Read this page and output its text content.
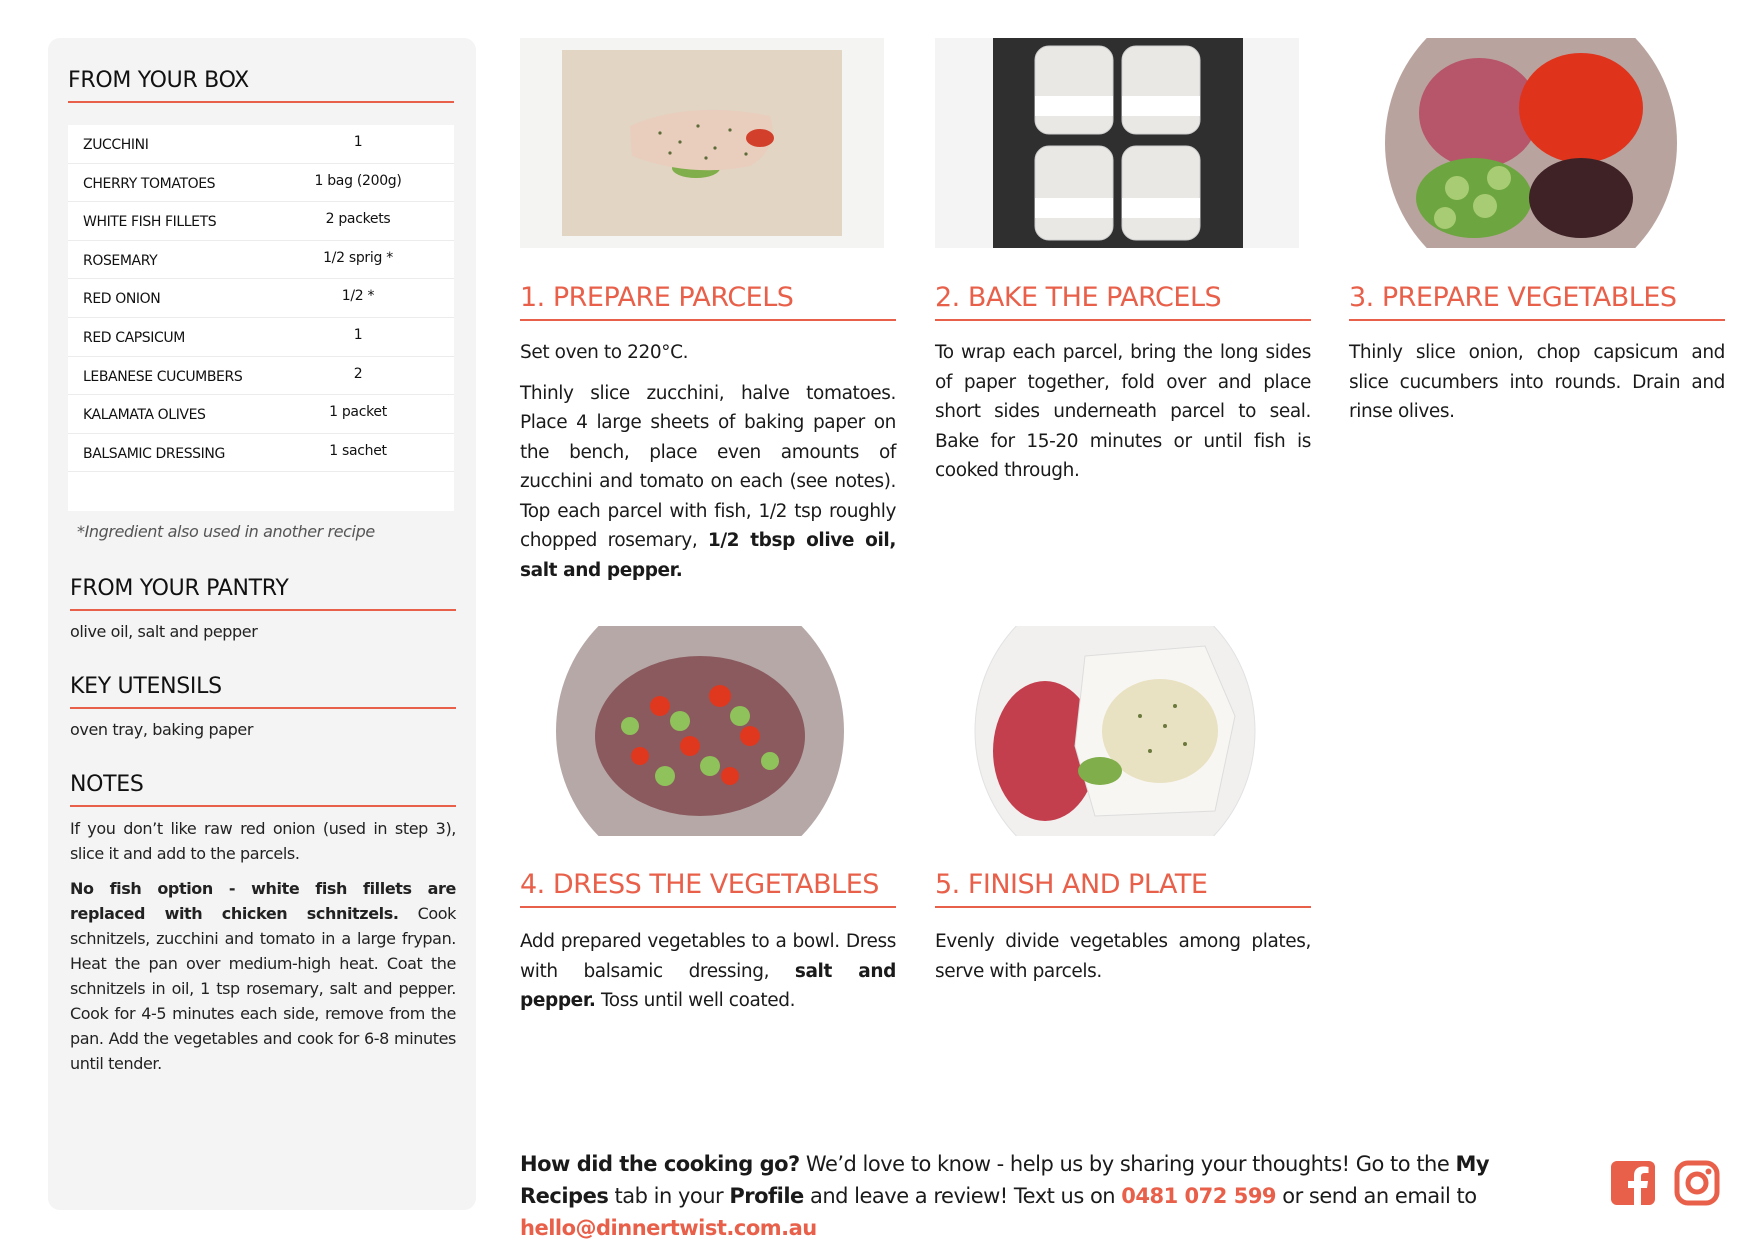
FROM YOUR BOX
ZUCCHINI	1
CHERRY TOMATOES	1 bag (200g)
WHITE FISH FILLETS	2 packets
ROSEMARY	1/2 sprig *
RED ONION	1/2 *
RED CAPSICUM	1
LEBANESE CUCUMBERS	2
KALAMATA OLIVES	1 packet
BALSAMIC DRESSING	1 sachet
*Ingredient also used in another recipe
FROM YOUR PANTRY
olive oil, salt and pepper
KEY UTENSILS
oven tray, baking paper
NOTES
If you don’t like raw red onion (used in step 3), slice it and add to the parcels.
No fish option - white fish fillets are replaced with chicken schnitzels. Cook schnitzels, zucchini and tomato in a large frypan. Heat the pan over medium-high heat. Coat the schnitzels in oil, 1 tsp rosemary, salt and pepper. Cook for 4-5 minutes each side, remove from the pan. Add the vegetables and cook for 6-8 minutes until tender.
1. PREPARE PARCELS

Set oven to 220°C.

Thinly slice zucchini, halve tomatoes. Place 4 large sheets of baking paper on the bench, place even amounts of zucchini and tomato on each (see notes). Top each parcel with fish, 1/2 tsp roughly chopped rosemary, 1/2 tbsp olive oil, salt and pepper.

2. BAKE THE PARCELS

To wrap each parcel, bring the long sides of paper together, fold over and place short sides underneath parcel to seal. Bake for 15-20 minutes or until fish is cooked through.

3. PREPARE VEGETABLES

Thinly slice onion, chop capsicum and slice cucumbers into rounds. Drain and rinse olives.

4. DRESS THE VEGETABLES

Add prepared vegetables to a bowl. Dress with balsamic dressing, salt and pepper. Toss until well coated.

5. FINISH AND PLATE

Evenly divide vegetables among plates, serve with parcels.

How did the cooking go? We’d love to know - help us by sharing your thoughts! Go to the My Recipes tab in your Profile and leave a review! Text us on 0481 072 599 or send an email to hello@dinnertwist.com.au
